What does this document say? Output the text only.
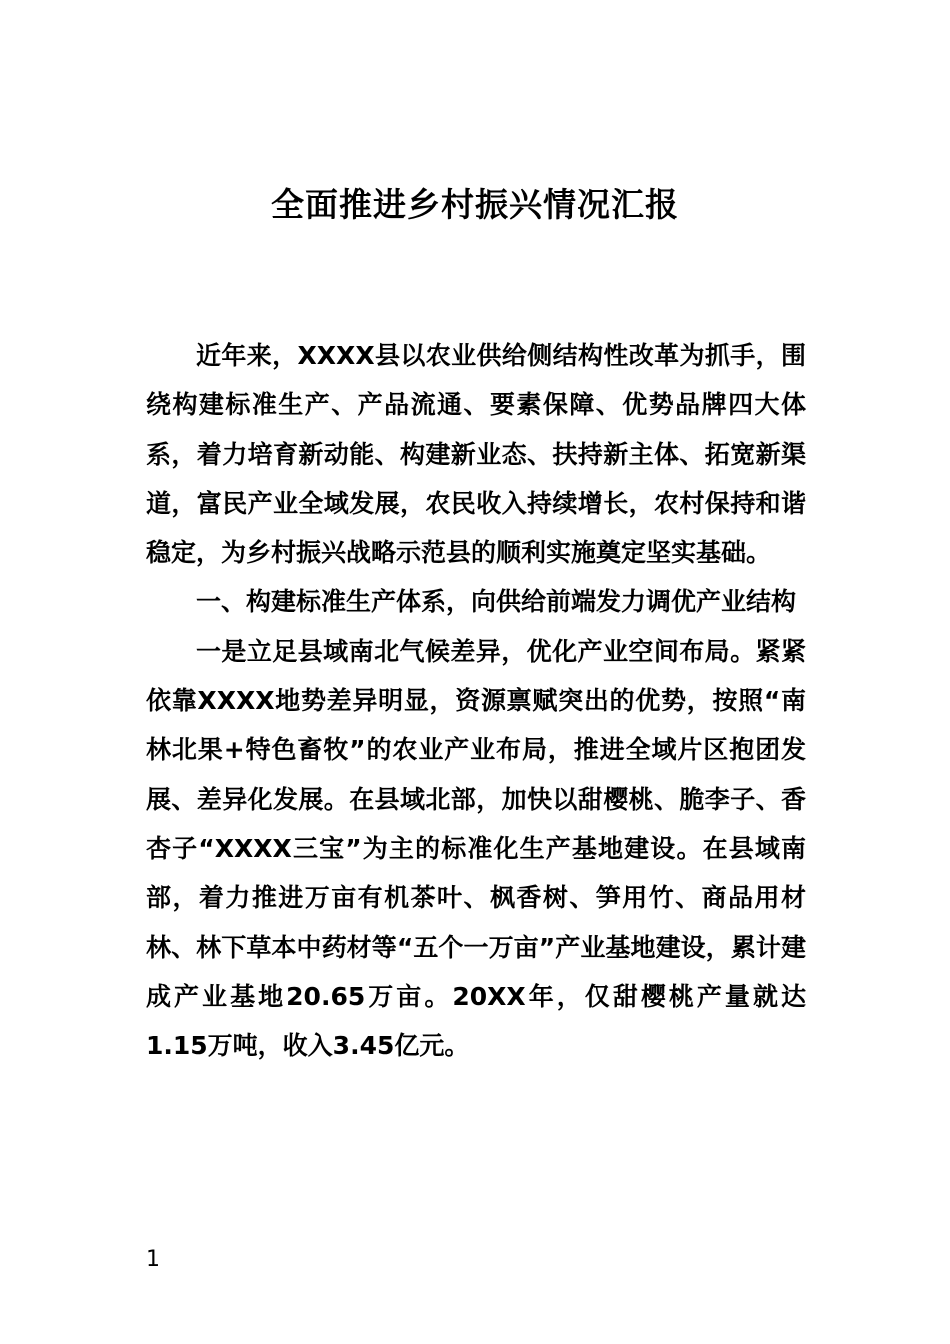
全面推进乡村振兴情况汇报

近年来，XXXX县以农业供给侧结构性改革为抓手，围绕构建标准生产、产品流通、要素保障、优势品牌四大体系，着力培育新动能、构建新业态、扶持新主体、拓宽新渠道，富民产业全域发展，农民收入持续增长，农村保持和谐稳定，为乡村振兴战略示范县的顺利实施奠定坚实基础。

一、构建标准生产体系，向供给前端发力调优产业结构

一是立足县域南北气候差异，优化产业空间布局。紧紧依靠XXXX地势差异明显，资源禀赋突出的优势，按照“南林北果+特色畜牧”的农业产业布局，推进全域片区抱团发展、差异化发展。在县域北部，加快以甜樱桃、脆李子、香杏子“XXXX三宝”为主的标准化生产基地建设。在县域南部，着力推进万亩有机茶叶、枫香树、笋用竹、商品用材林、林下草本中药材等“五个一万亩”产业基地建设，累计建成产业基地20.65万亩。20XX年，仅甜樱桃产量就达1.15万吨，收入3.45亿元。

1
